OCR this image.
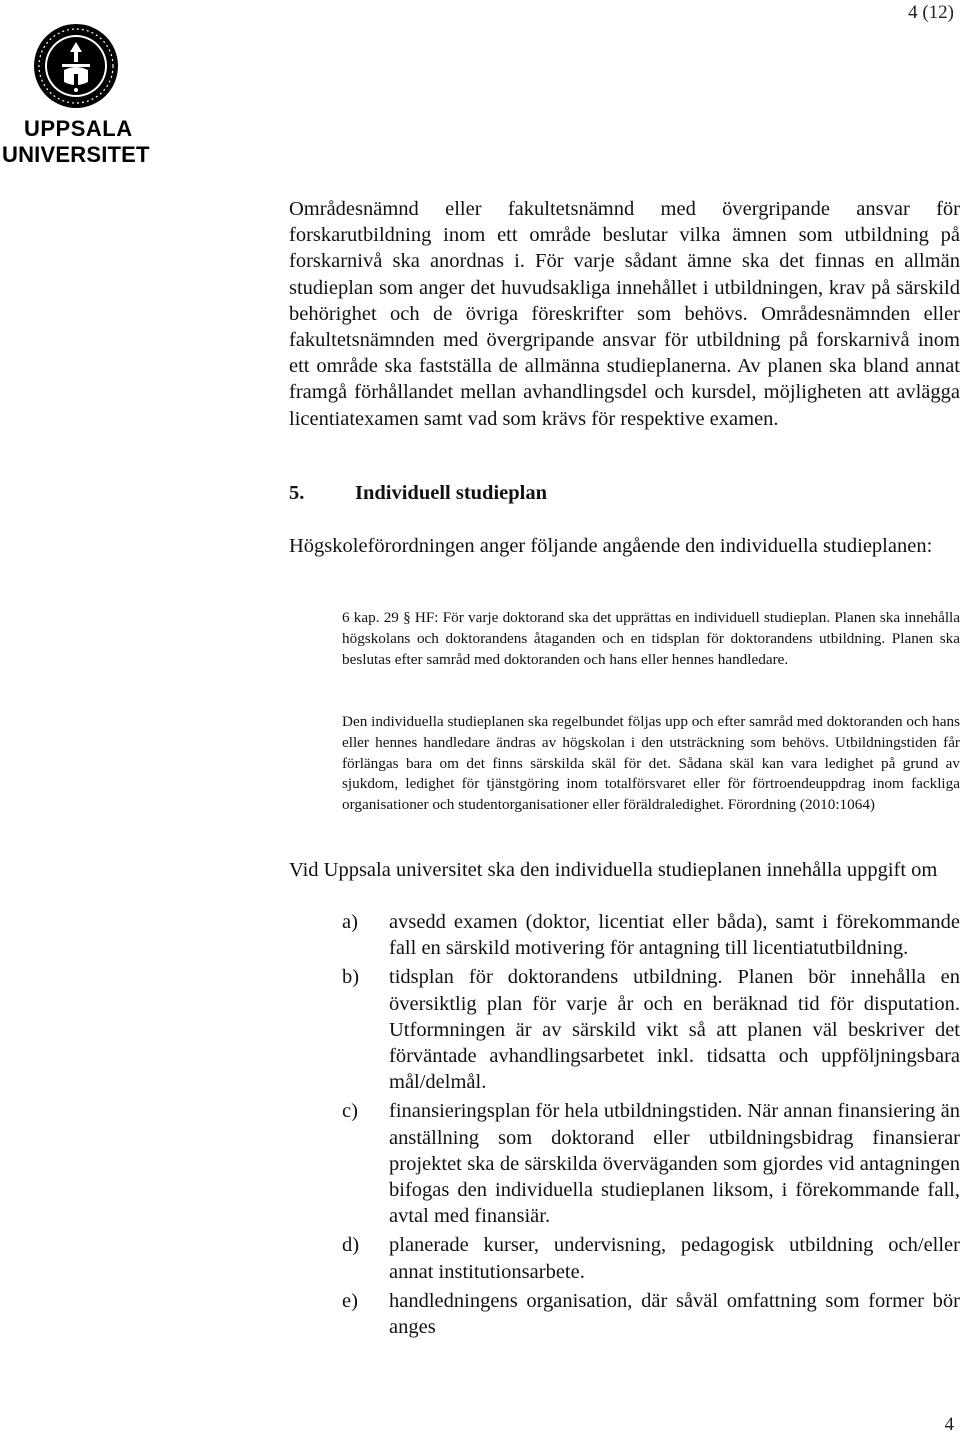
4 (12)
UPPSALA
UNIVERSITET

Områdesnämnd eller fakultetsnämnd med övergripande ansvar för forskarutbildning inom ett område beslutar vilka ämnen som utbildning på forskarnivå ska anordnas i. För varje sådant ämne ska det finnas en allmän studieplan som anger det huvudsakliga innehållet i utbildningen, krav på särskild behörighet och de övriga föreskrifter som behövs. Områdesnämnden eller fakultetsnämnden med övergripande ansvar för utbildning på forskarnivå inom ett område ska fastställa de allmänna studieplanerna. Av planen ska bland annat framgå förhållandet mellan avhandlingsdel och kursdel, möjligheten att avlägga licentiatexamen samt vad som krävs för respektive examen.

5. Individuell studieplan

Högskoleförordningen anger följande angående den individuella studieplanen:

6 kap. 29 § HF: För varje doktorand ska det upprättas en individuell studieplan. Planen ska innehålla högskolans och doktorandens åtaganden och en tidsplan för doktorandens utbildning. Planen ska beslutas efter samråd med doktoranden och hans eller hennes handledare.

Den individuella studieplanen ska regelbundet följas upp och efter samråd med doktoranden och hans eller hennes handledare ändras av högskolan i den utsträckning som behövs. Utbildningstiden får förlängas bara om det finns särskilda skäl för det. Sådana skäl kan vara ledighet på grund av sjukdom, ledighet för tjänstgöring inom totalförsvaret eller för förtroendeuppdrag inom fackliga organisationer och studentorganisationer eller föräldraledighet. Förordning (2010:1064)

Vid Uppsala universitet ska den individuella studieplanen innehålla uppgift om

a) avsedd examen (doktor, licentiat eller båda), samt i förekommande fall en särskild motivering för antagning till licentiatutbildning.
b) tidsplan för doktorandens utbildning. Planen bör innehålla en översiktlig plan för varje år och en beräknad tid för disputation. Utformningen är av särskild vikt så att planen väl beskriver det förväntade avhandlingsarbetet inkl. tidsatta och uppföljningsbara mål/delmål.
c) finansieringsplan för hela utbildningstiden. När annan finansiering än anställning som doktorand eller utbildningsbidrag finansierar projektet ska de särskilda överväganden som gjordes vid antagningen bifogas den individuella studieplanen liksom, i förekommande fall, avtal med finansiär.
d) planerade kurser, undervisning, pedagogisk utbildning och/eller annat institutionsarbete.
e) handledningens organisation, där såväl omfattning som former bör anges
4
